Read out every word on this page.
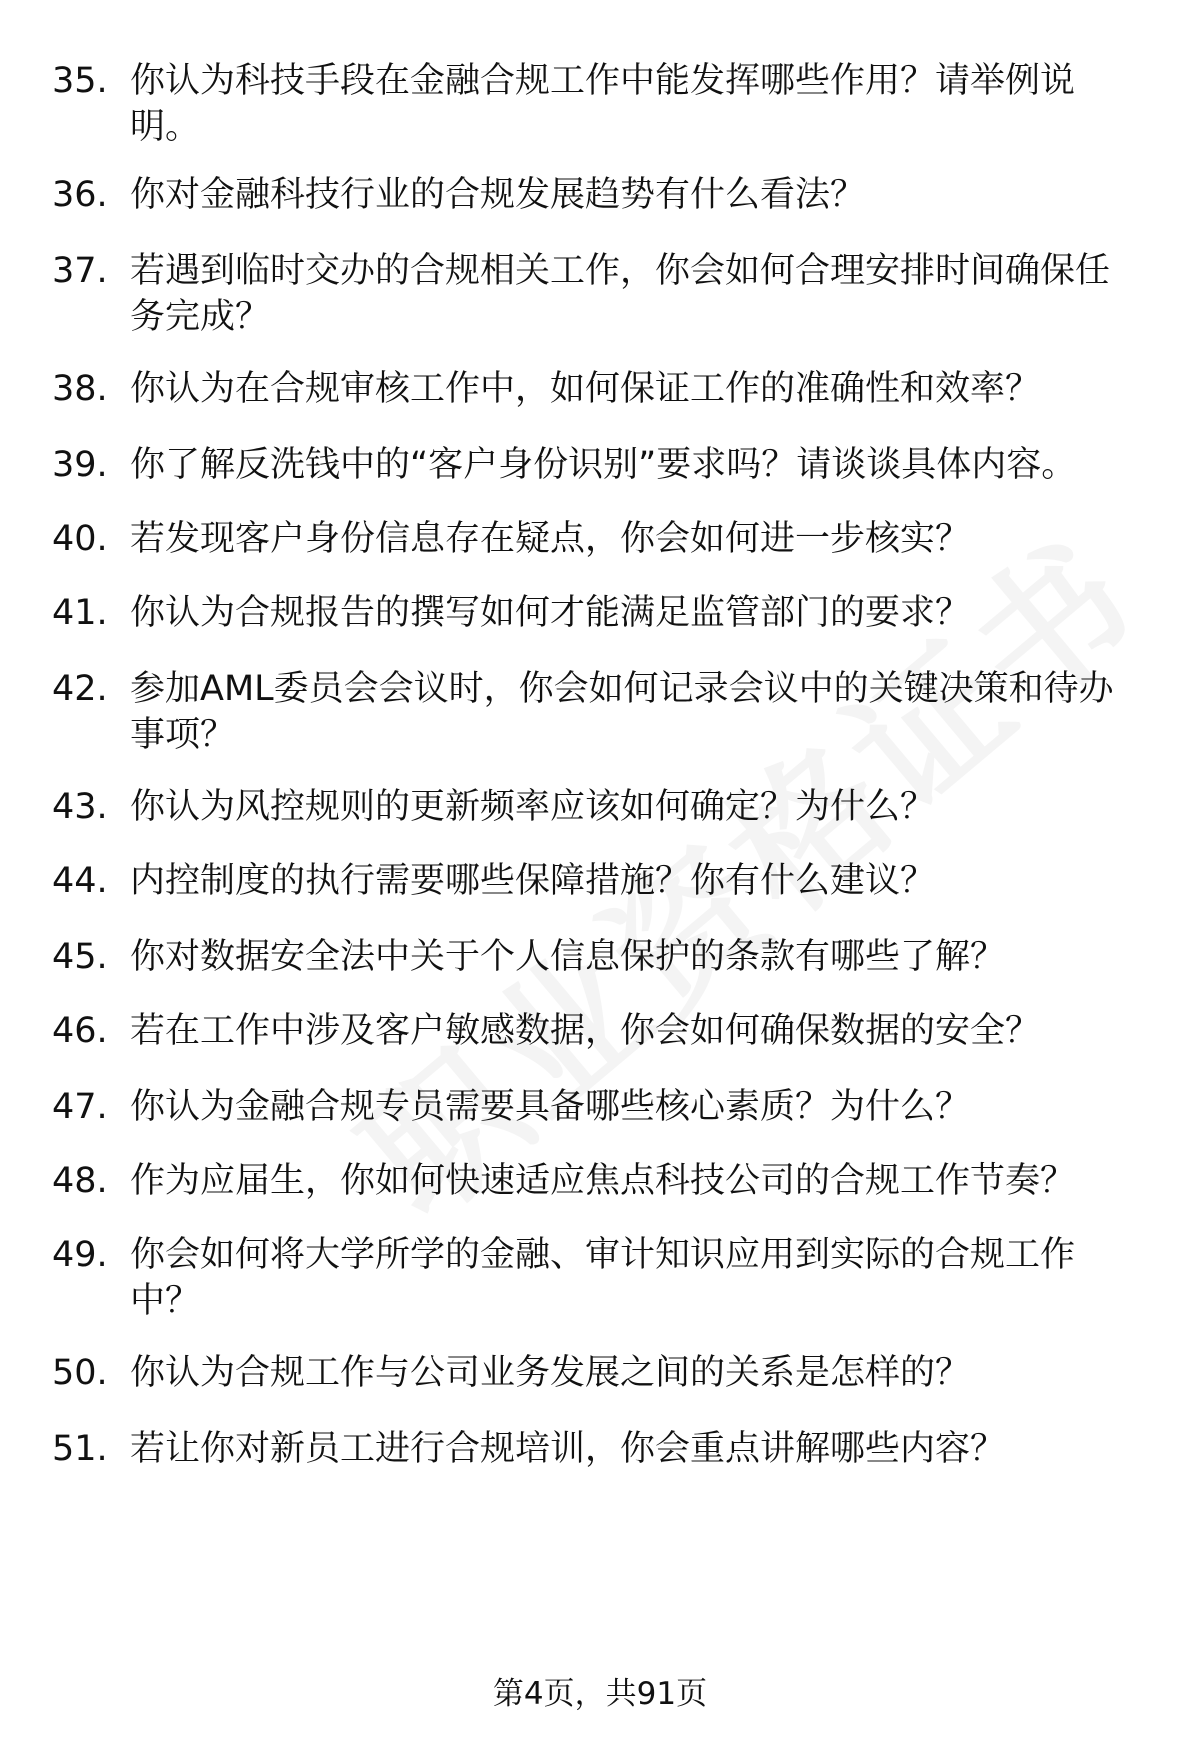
35. 你认为科技手段在金融合规工作中能发挥哪些作用？请举例说明。
36. 你对金融科技行业的合规发展趋势有什么看法？
37. 若遇到临时交办的合规相关工作，你会如何合理安排时间确保任务完成？
38. 你认为在合规审核工作中，如何保证工作的准确性和效率？
39. 你了解反洗钱中的“客户身份识别”要求吗？请谈谈具体内容。
40. 若发现客户身份信息存在疑点，你会如何进一步核实？
41. 你认为合规报告的撰写如何才能满足监管部门的要求？
42. 参加AML委员会会议时，你会如何记录会议中的关键决策和待办事项？
43. 你认为风控规则的更新频率应该如何确定？为什么？
44. 内控制度的执行需要哪些保障措施？你有什么建议？
45. 你对数据安全法中关于个人信息保护的条款有哪些了解？
46. 若在工作中涉及客户敏感数据，你会如何确保数据的安全？
47. 你认为金融合规专员需要具备哪些核心素质？为什么？
48. 作为应届生，你如何快速适应焦点科技公司的合规工作节奏？
49. 你会如何将大学所学的金融、审计知识应用到实际的合规工作中？
50. 你认为合规工作与公司业务发展之间的关系是怎样的？
51. 若让你对新员工进行合规培训，你会重点讲解哪些内容？
第4页，共91页
